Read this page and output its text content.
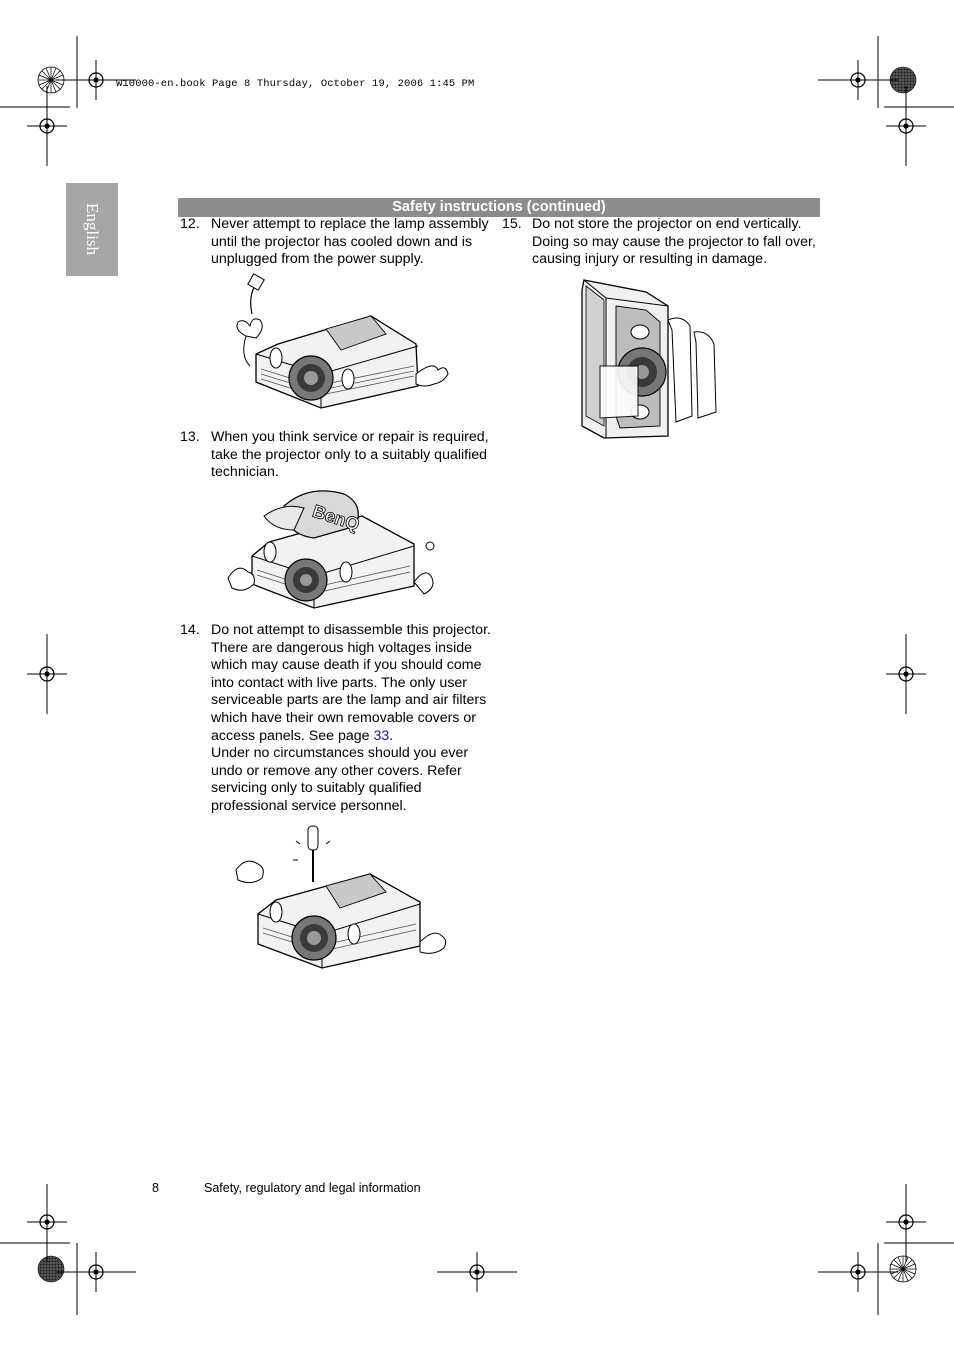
W10000-en.book Page 8 Thursday, October 19, 2006 1:45 PM
English	Safety instructions (continued)
12. Never attempt to replace the lamp assembly
until the projector has cooled down and is
unplugged from the power supply.
13. When you think service or repair is required,
take the projector only to a suitably qualified
technician.
BenQ
14. Do not attempt to disassemble this projector.
There are dangerous high voltages inside
which may cause death if you should come
into contact with live parts. The only user
serviceable parts are the lamp and air filters
which have their own removable covers or
access panels. See page 33.
Under no circumstances should you ever
undo or remove any other covers. Refer
servicing only to suitably qualified
professional service personnel.
15. Do not store the projector on end vertically.
Doing so may cause the projector to fall over,
causing injury or resulting in damage.
8	Safety, regulatory and legal information
